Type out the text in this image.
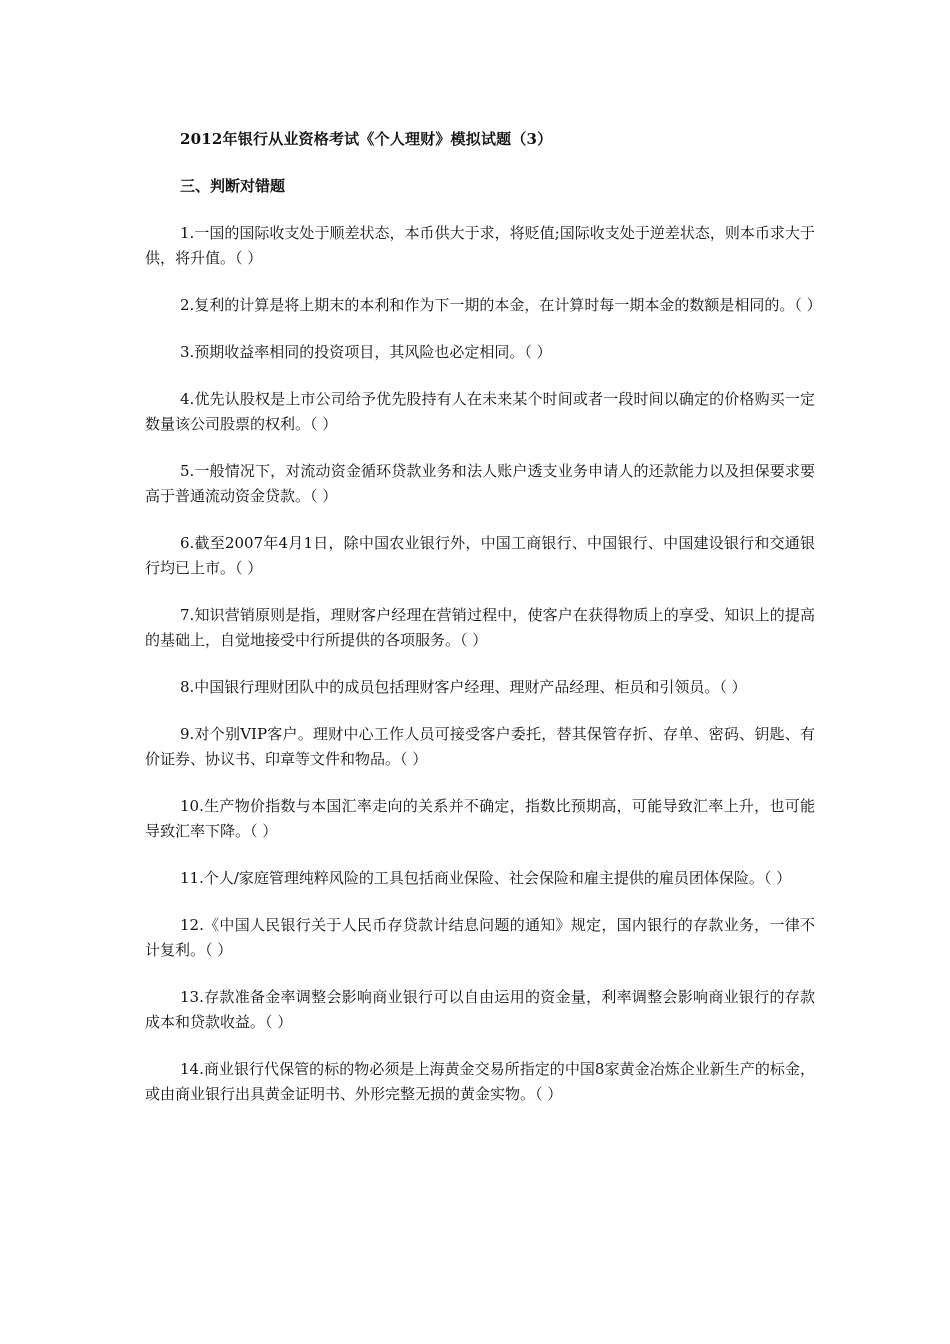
2012年银行从业资格考试《个人理财》模拟试题（3）
三、判断对错题
1.一国的国际收支处于顺差状态，本币供大于求，将贬值;国际收支处于逆差状态，则本币求大于供，将升值。（ ）
2.复利的计算是将上期末的本利和作为下一期的本金，在计算时每一期本金的数额是相同的。（ ）
3.预期收益率相同的投资项目，其风险也必定相同。（ ）
4.优先认股权是上市公司给予优先股持有人在未来某个时间或者一段时间以确定的价格购买一定数量该公司股票的权利。（ ）
5.一般情况下，对流动资金循环贷款业务和法人账户透支业务申请人的还款能力以及担保要求要高于普通流动资金贷款。（ ）
6.截至2007年4月1日，除中国农业银行外，中国工商银行、中国银行、中国建设银行和交通银行均已上市。（ ）
7.知识营销原则是指，理财客户经理在营销过程中，使客户在获得物质上的享受、知识上的提高的基础上，自觉地接受中行所提供的各项服务。（ ）
8.中国银行理财团队中的成员包括理财客户经理、理财产品经理、柜员和引领员。（ ）
9.对个别VIP客户。理财中心工作人员可接受客户委托，替其保管存折、存单、密码、钥匙、有价证券、协议书、印章等文件和物品。（ ）
10.生产物价指数与本国汇率走向的关系并不确定，指数比预期高，可能导致汇率上升，也可能导致汇率下降。（ ）
11.个人/家庭管理纯粹风险的工具包括商业保险、社会保险和雇主提供的雇员团体保险。（ ）
12.《中国人民银行关于人民币存贷款计结息问题的通知》规定，国内银行的存款业务，一律不计复利。（ ）
13.存款准备金率调整会影响商业银行可以自由运用的资金量，利率调整会影响商业银行的存款成本和贷款收益。（ ）
14.商业银行代保管的标的物必须是上海黄金交易所指定的中国8家黄金冶炼企业新生产的标金，或由商业银行出具黄金证明书、外形完整无损的黄金实物。（ ）
